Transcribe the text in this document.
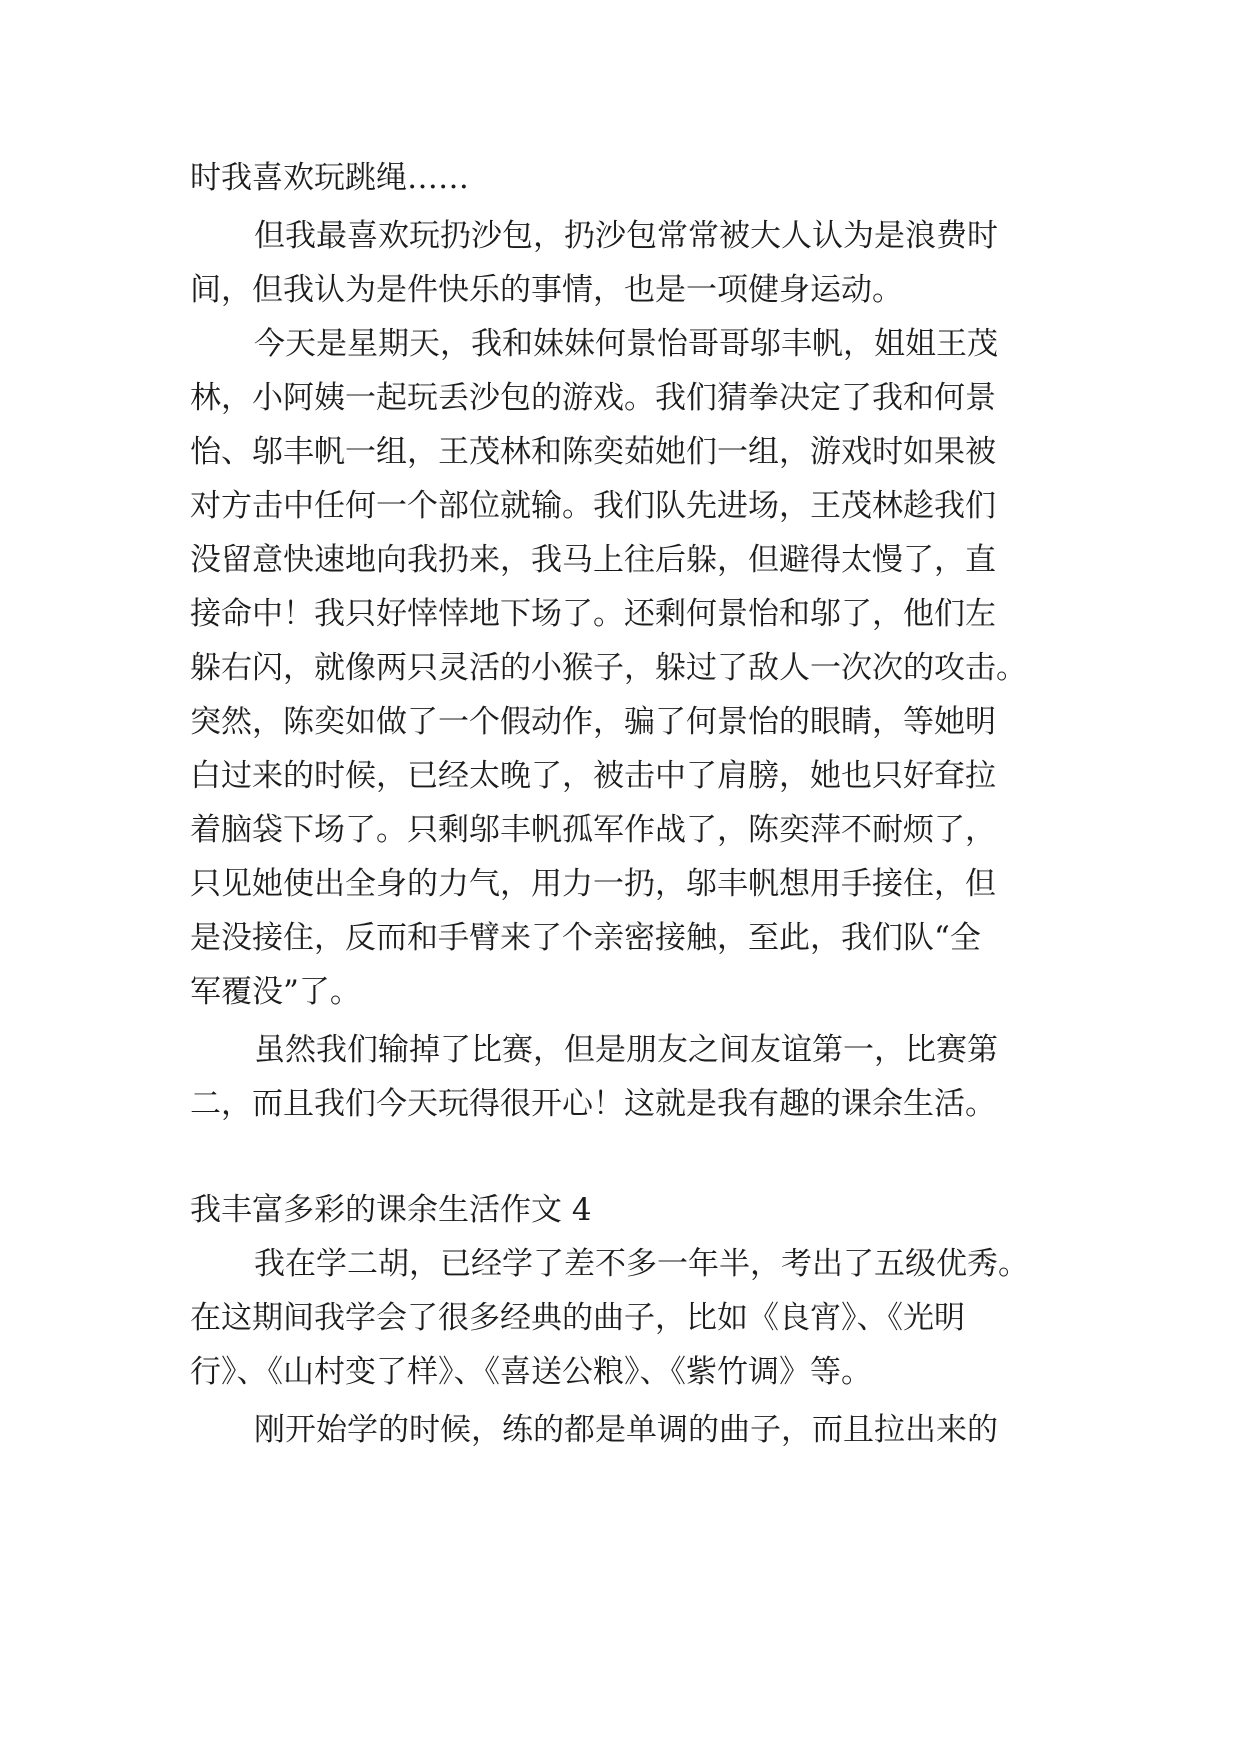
时我喜欢玩跳绳……
但我最喜欢玩扔沙包，扔沙包常常被大人认为是浪费时
间，但我认为是件快乐的事情，也是一项健身运动。
今天是星期天，我和妹妹何景怡哥哥邬丰帆，姐姐王茂
林，小阿姨一起玩丢沙包的游戏。我们猜拳决定了我和何景
怡、邬丰帆一组，王茂林和陈奕茹她们一组，游戏时如果被
对方击中任何一个部位就输。我们队先进场，王茂林趁我们
没留意快速地向我扔来，我马上往后躲，但避得太慢了，直
接命中！我只好悻悻地下场了。还剩何景怡和邬了，他们左
躲右闪，就像两只灵活的小猴子，躲过了敌人一次次的攻击。
突然，陈奕如做了一个假动作，骗了何景怡的眼睛，等她明
白过来的时候，已经太晚了，被击中了肩膀，她也只好耷拉
着脑袋下场了。只剩邬丰帆孤军作战了，陈奕萍不耐烦了，
只见她使出全身的力气，用力一扔，邬丰帆想用手接住，但
是没接住，反而和手臂来了个亲密接触，至此，我们队“全
军覆没”了。
虽然我们输掉了比赛，但是朋友之间友谊第一，比赛第
二，而且我们今天玩得很开心！这就是我有趣的课余生活。
我丰富多彩的课余生活作文 4
我在学二胡，已经学了差不多一年半，考出了五级优秀。
在这期间我学会了很多经典的曲子，比如《良宵》、《光明
行》、《山村变了样》、《喜送公粮》、《紫竹调》等。
刚开始学的时候，练的都是单调的曲子，而且拉出来的
